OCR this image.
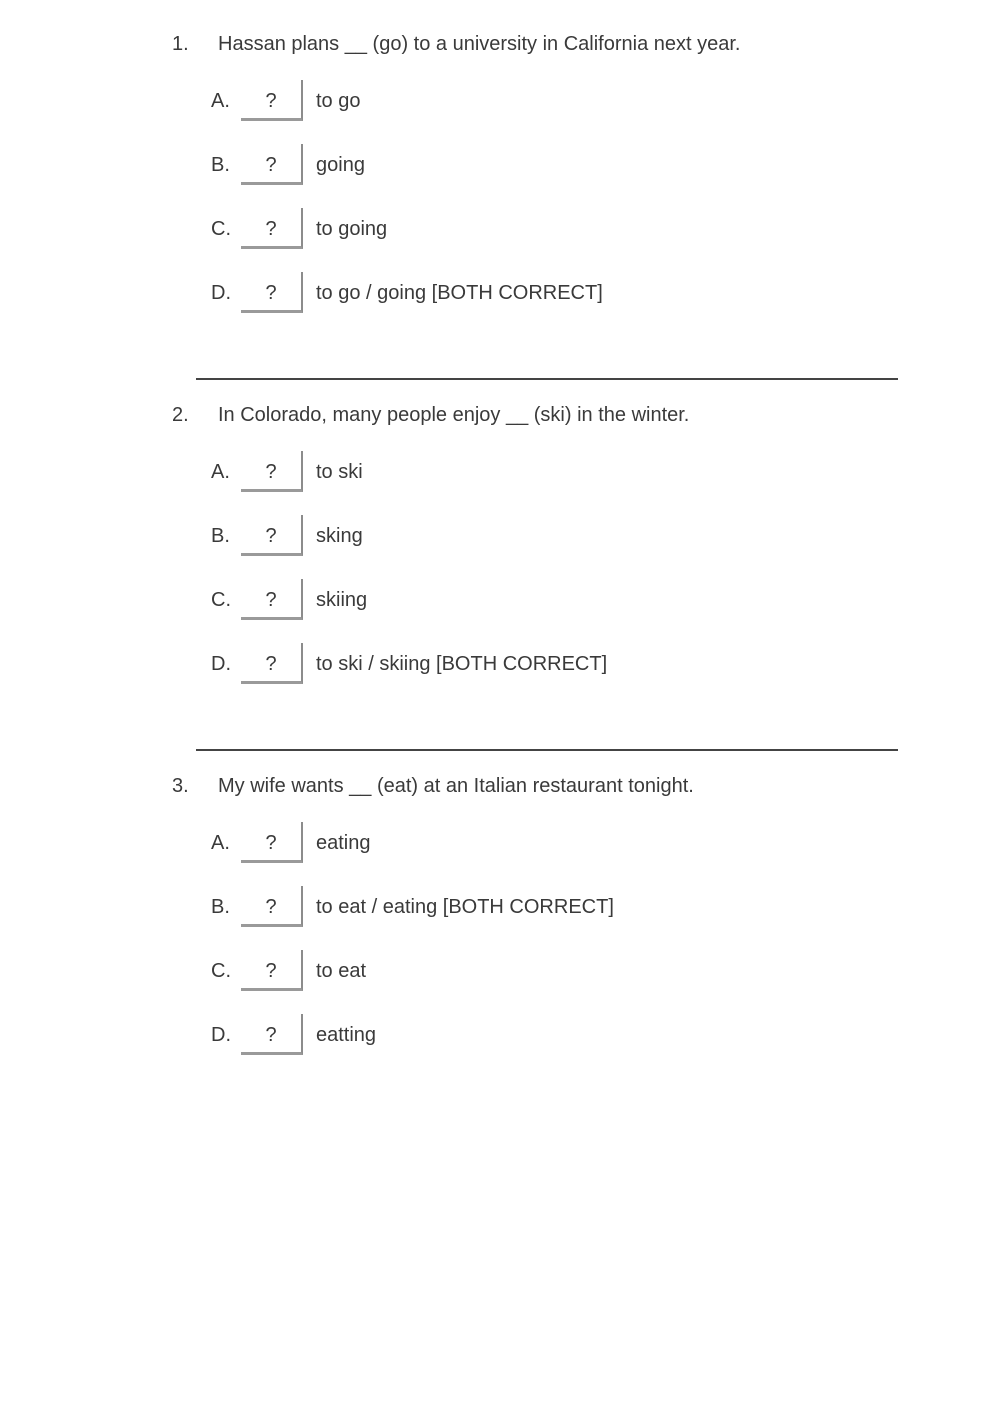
1. Hassan plans __ (go) to a university in California next year.
A.	?	to go
B.	?	going
C.	?	to going
D.	?	to go / going [BOTH CORRECT]
2. In Colorado, many people enjoy __ (ski) in the winter.
A.	?	to ski
B.	?	sking
C.	?	skiing
D.	?	to ski / skiing [BOTH CORRECT]
3. My wife wants __ (eat) at an Italian restaurant tonight.
A.	?	eating
B.	?	to eat / eating [BOTH CORRECT]
C.	?	to eat
D.	?	eatting
